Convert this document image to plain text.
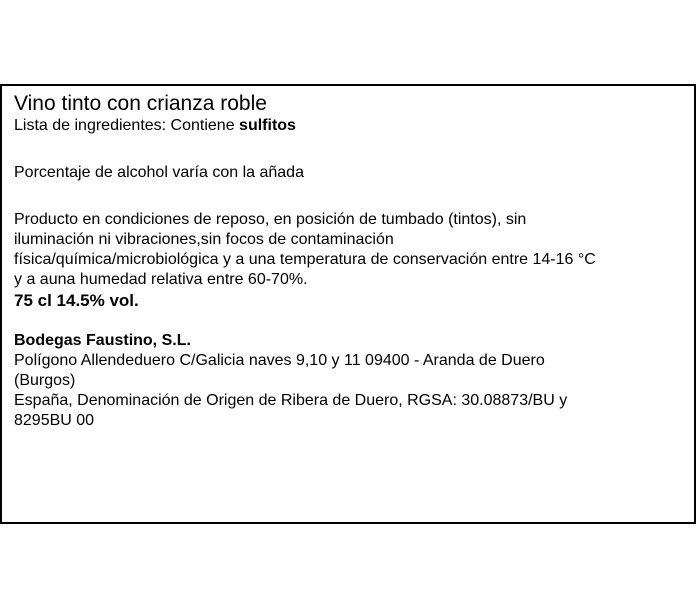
Vino tinto con crianza roble

Lista de ingredientes: Contiene sulfitos

Porcentaje de alcohol varía con la añada

Producto en condiciones de reposo, en posición de tumbado (tintos), sin

iluminación ni vibraciones,sin focos de contaminación

física/química/microbiológica y a una temperatura de conservación entre 14-16 °C

y a auna humedad relativa entre 60-70%.

75 cl 14.5% vol.

Bodegas Faustino, S.L.

Polígono Allendeduero C/Galicia naves 9,10 y 11 09400 - Aranda de Duero

(Burgos)

España, Denominación de Origen de Ribera de Duero, RGSA: 30.08873/BU y

8295BU 00
